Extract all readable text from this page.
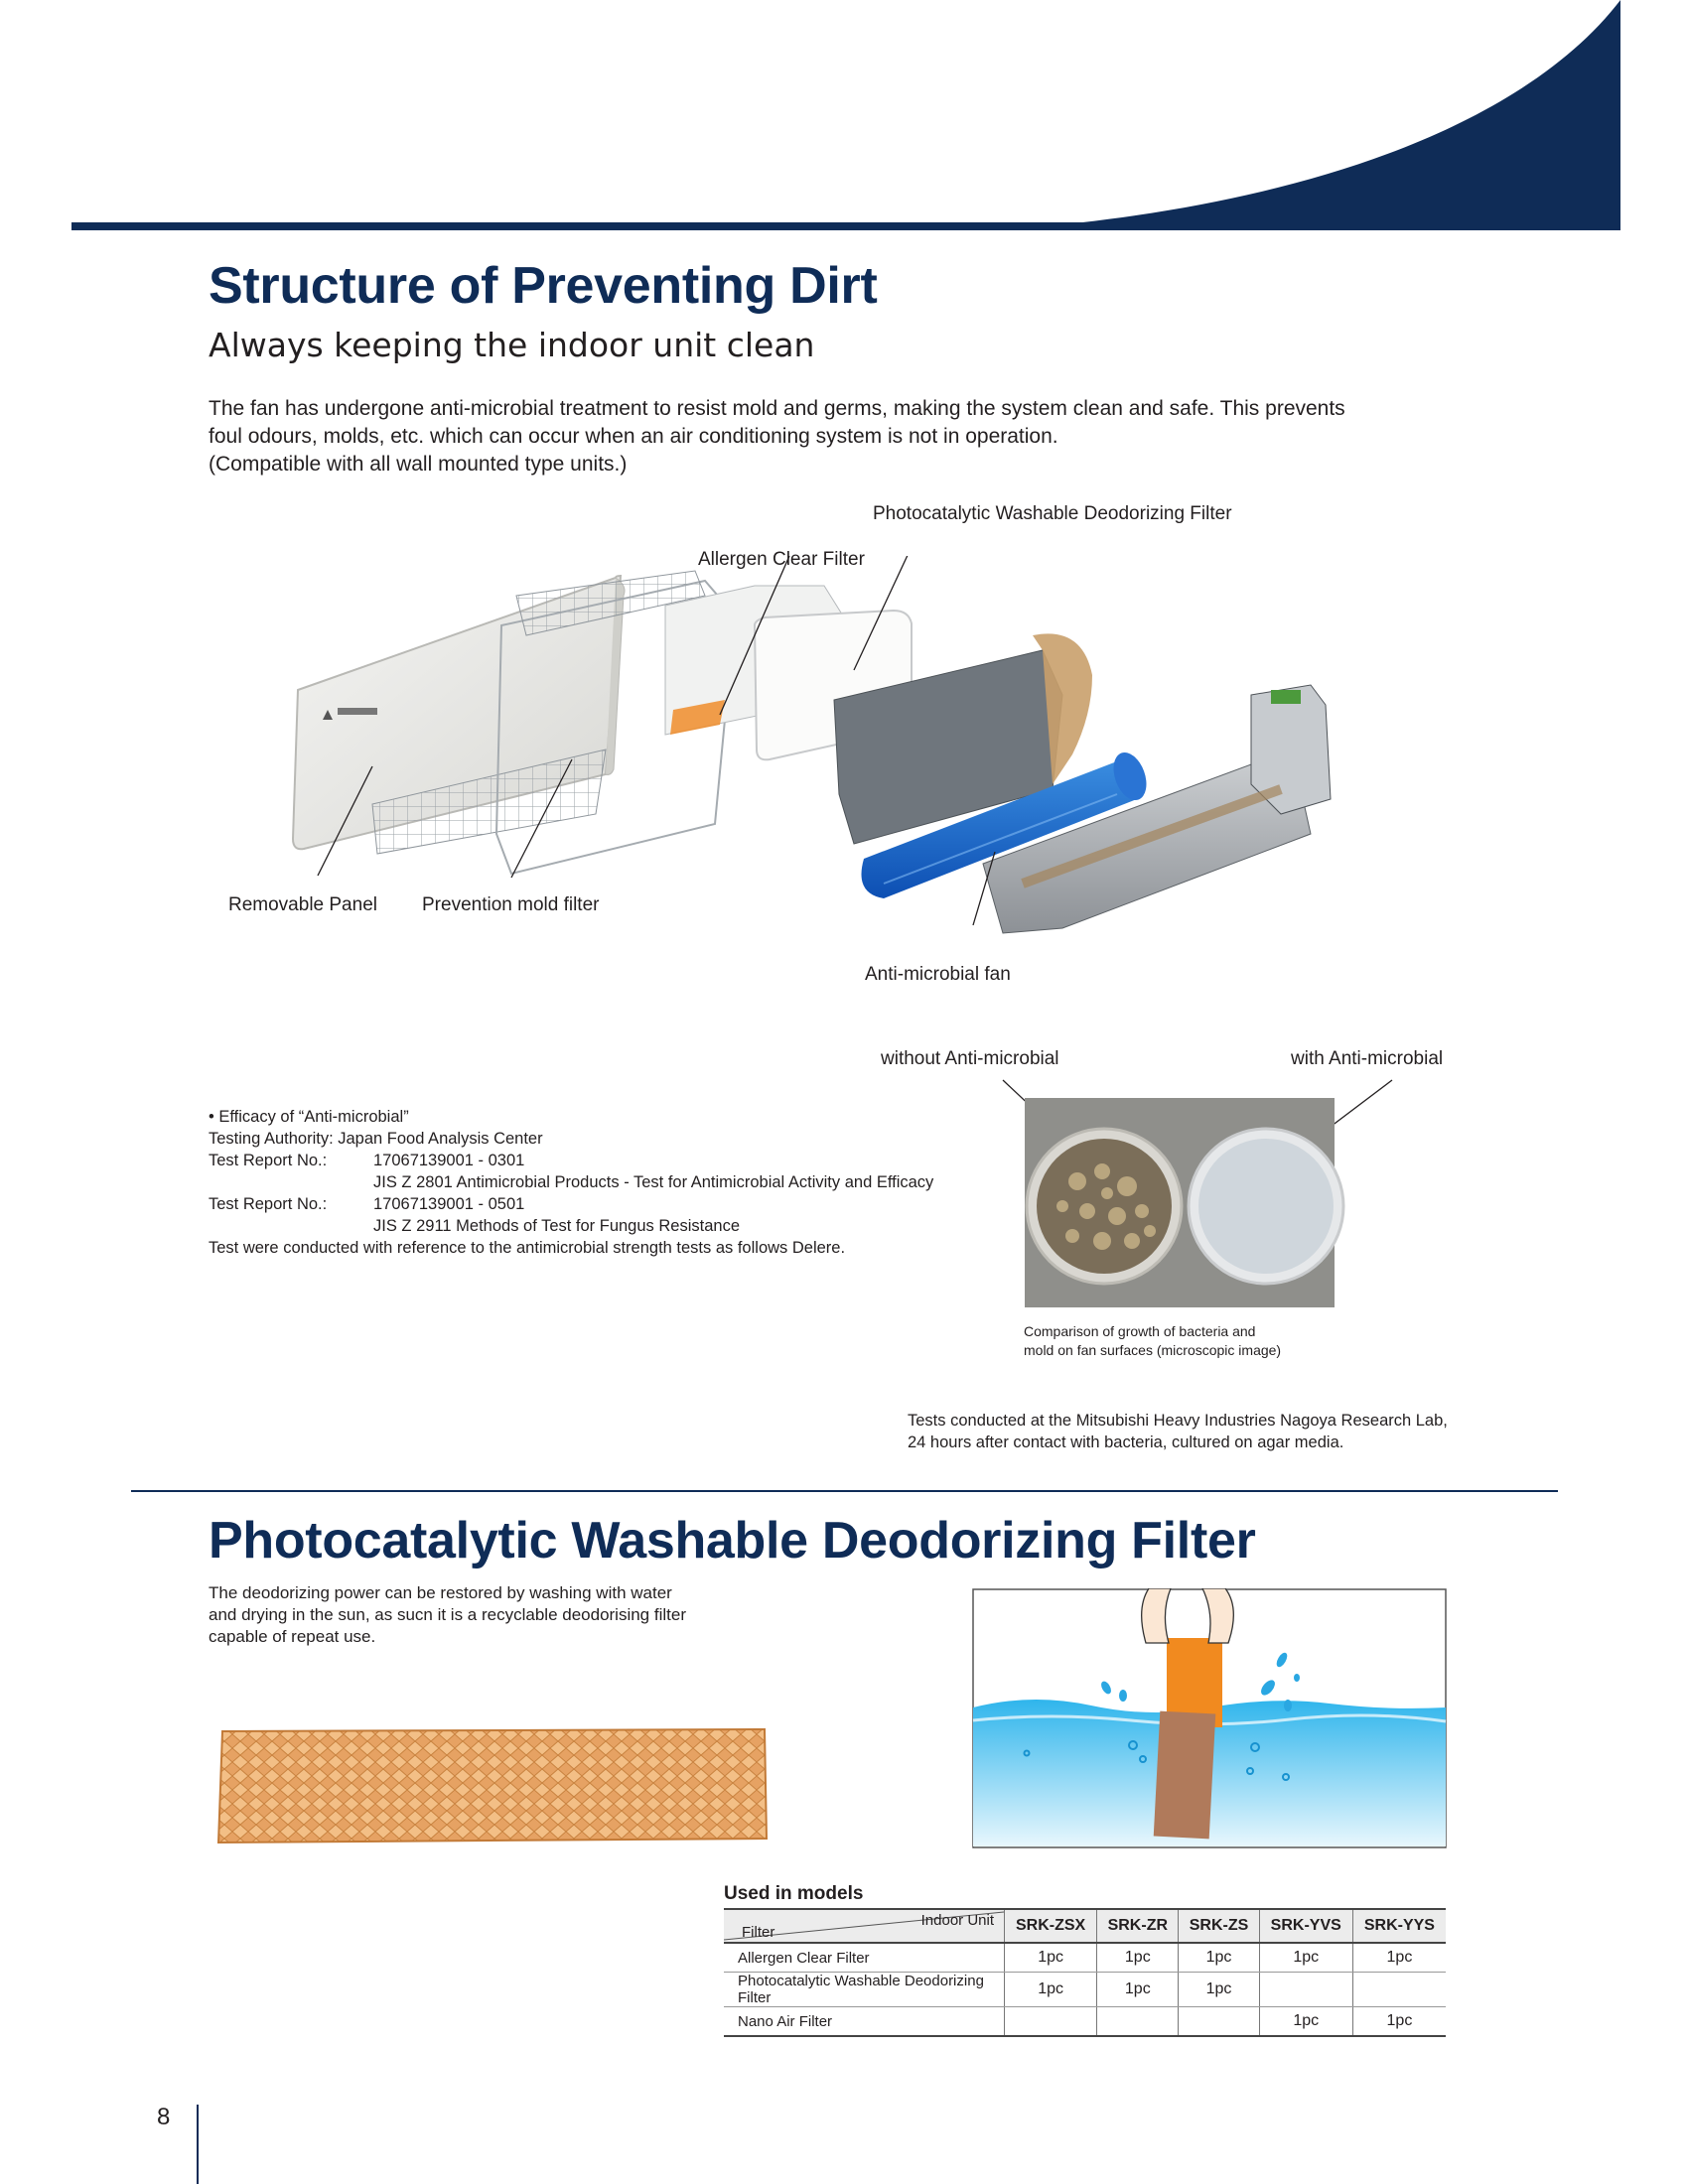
Structure of Preventing Dirt
Always keeping the indoor unit clean
The fan has undergone anti-microbial treatment to resist mold and germs, making the system clean and safe. This prevents
foul odours, molds, etc. which can occur when an air conditioning system is not in operation.
(Compatible with all wall mounted type units.)
Photocatalytic Washable Deodorizing Filter
Allergen Clear Filter
Removable Panel Prevention mold filter
Anti-microbial fan
without Anti-microbial	with Anti-microbial
Comparison of growth of bacteria and
mold on fan surfaces (microscopic image)
• Efficacy of “Anti-microbial”
Testing Authority: Japan Food Analysis Center
Test Report No.:	17067139001 - 0301
JIS Z 2801 Antimicrobial Products - Test for Antimicrobial Activity and Efficacy
Test Report No.:	17067139001 - 0501
JIS Z 2911 Methods of Test for Fungus Resistance
Test were conducted with reference to the antimicrobial strength tests as follows Delere.
Tests conducted at the Mitsubishi Heavy Industries Nagoya Research Lab,
24 hours after contact with bacteria, cultured on agar media.
Photocatalytic Washable Deodorizing Filter
The deodorizing power can be restored by washing with water
and drying in the sun, as sucn it is a recyclable deodorising filter
capable of repeat use.
Used in models
Indoor Unit
Filter	SRK-ZSX	SRK-ZR	SRK-ZS	SRK-YVS	SRK-YYS
Allergen Clear Filter	1pc	1pc	1pc	1pc	1pc
Photocatalytic Washable Deodorizing Filter	1pc	1pc	1pc		
Nano Air Filter				1pc	1pc
8
